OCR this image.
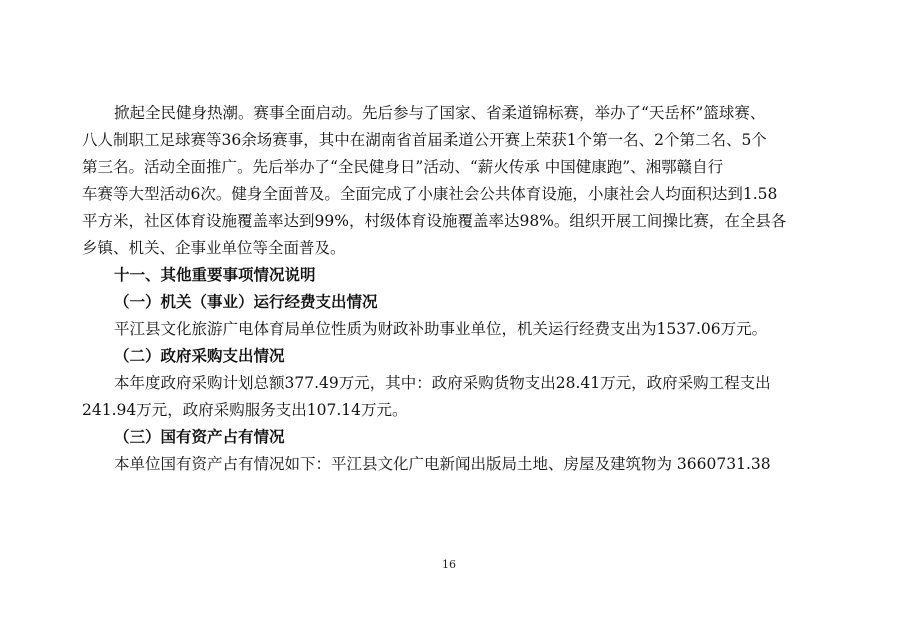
掀起全民健身热潮。赛事全面启动。先后参与了国家、省柔道锦标赛，举办了“天岳杯”篮球赛、
八人制职工足球赛等36余场赛事，其中在湖南省首届柔道公开赛上荣获1个第一名、2个第二名、5个
第三名。活动全面推广。先后举办了“全民健身日”活动、“薪火传承 中国健康跑”、湘鄂赣自行
车赛等大型活动6次。健身全面普及。全面完成了小康社会公共体育设施，小康社会人均面积达到1.58
平方米，社区体育设施覆盖率达到99%，村级体育设施覆盖率达98%。组织开展工间操比赛，在全县各
乡镇、机关、企事业单位等全面普及。
十一、其他重要事项情况说明
（一）机关（事业）运行经费支出情况
平江县文化旅游广电体育局单位性质为财政补助事业单位，机关运行经费支出为1537.06万元。
（二）政府采购支出情况
本年度政府采购计划总额377.49万元，其中：政府采购货物支出28.41万元，政府采购工程支出
241.94万元，政府采购服务支出107.14万元。
（三）国有资产占有情况
本单位国有资产占有情况如下：平江县文化广电新闻出版局土地、房屋及建筑物为 3660731.38
16
